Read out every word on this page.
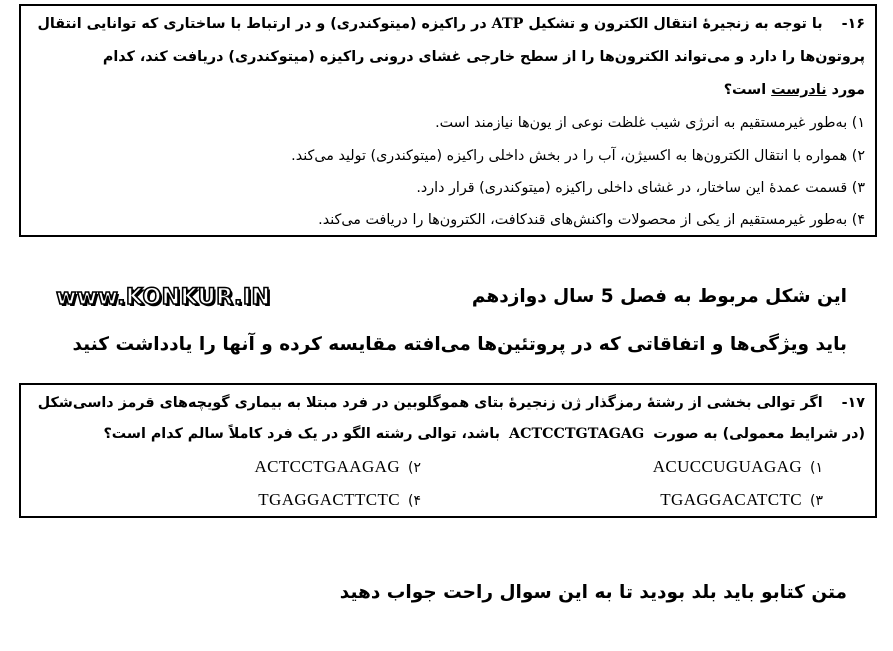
۱۶- با توجه به زنجیرهٔ انتقال الکترون و تشکیل ATP در راکیزه (میتوکندری) و در ارتباط با ساختاری که توانایی انتقال
پروتون‌ها را دارد و می‌تواند الکترون‌ها را از سطح خارجی غشای درونی راکیزه (میتوکندری) دریافت کند، کدام
مورد نادرست است؟
۱) به‌طور غیرمستقیم به انرژی شیب غلظت نوعی از یون‌ها نیازمند است.
۲) همواره با انتقال الکترون‌ها به اکسیژن، آب را در بخش داخلی راکیزه (میتوکندری) تولید می‌کند.
۳) قسمت عمدهٔ این ساختار، در غشای داخلی راکیزه (میتوکندری) قرار دارد.
۴) به‌طور غیرمستقیم از یکی از محصولات واکنش‌های قندکافت، الکترون‌ها را دریافت می‌کند.
www.KONKUR.IN	این شکل مربوط به فصل 5 سال دوازدهم
باید ویژگی‌ها و اتفاقاتی که در پروتئین‌ها می‌افته مقایسه کرده و آنها را یادداشت کنید
۱۷- اگر توالی بخشی از رشتهٔ رمزگذار ژن زنجیرهٔ بتای هموگلوبین در فرد مبتلا به بیماری گویچه‌های قرمز داسی‌شکل
(در شرایط معمولی) به صورت ACTCCTGTAGAG باشد، توالی رشته الگو در یک فرد کاملاً سالم کدام است؟
۱)ACUCCUGUAGAG
۲)ACTCCTGAAGAG
۳)TGAGGACATCTC
۴)TGAGGACTTCTC
متن کتابو باید بلد بودید تا به این سوال راحت جواب دهید
